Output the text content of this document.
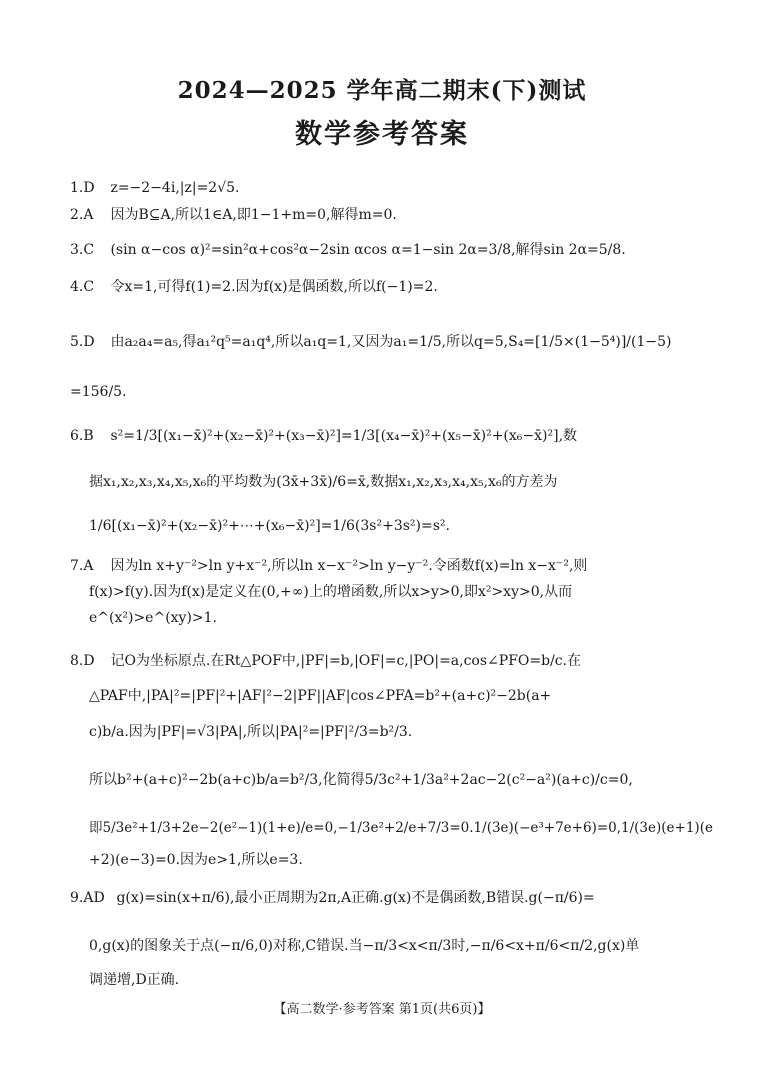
2024—2025 学年高二期末(下)测试
数学参考答案
1.D z=−2−4i,|z|=2√5.
2.A 因为B⊆A,所以1∈A,即1−1+m=0,解得m=0.
3.C (sin α−cos α)²=sin²α+cos²α−2sin αcos α=1−sin 2α=3/8,解得sin 2α=5/8.
4.C 令x=1,可得f(1)=2.因为f(x)是偶函数,所以f(−1)=2.
5.D 由a₂a₄=a₅,得a₁²q⁵=a₁q⁴,所以a₁q=1,又因为a₁=1/5,所以q=5,S₄=[1/5×(1−5⁴)]/(1−5)
=156/5.
6.B s²=1/3[(x₁−x̄)²+(x₂−x̄)²+(x₃−x̄)²]=1/3[(x₄−x̄)²+(x₅−x̄)²+(x₆−x̄)²],数
据x₁,x₂,x₃,x₄,x₅,x₆的平均数为(3x̄+3x̄)/6=x̄,数据x₁,x₂,x₃,x₄,x₅,x₆的方差为
1/6[(x₁−x̄)²+(x₂−x̄)²+⋯+(x₆−x̄)²]=1/6(3s²+3s²)=s².
7.A 因为ln x+y⁻²>ln y+x⁻²,所以ln x−x⁻²>ln y−y⁻².令函数f(x)=ln x−x⁻²,则
f(x)>f(y).因为f(x)是定义在(0,+∞)上的增函数,所以x>y>0,即x²>xy>0,从而
e^(x²)>e^(xy)>1.
8.D 记O为坐标原点.在Rt△POF中,|PF|=b,|OF|=c,|PO|=a,cos∠PFO=b/c.在
△PAF中,|PA|²=|PF|²+|AF|²−2|PF||AF|cos∠PFA=b²+(a+c)²−2b(a+
c)b/a.因为|PF|=√3|PA|,所以|PA|²=|PF|²/3=b²/3.
所以b²+(a+c)²−2b(a+c)b/a=b²/3,化简得5/3c²+1/3a²+2ac−2(c²−a²)(a+c)/c=0,
即5/3e²+1/3+2e−2(e²−1)(1+e)/e=0,−1/3e²+2/e+7/3=0.1/(3e)(−e³+7e+6)=0,1/(3e)(e+1)(e
+2)(e−3)=0.因为e>1,所以e=3.
9.AD g(x)=sin(x+π/6),最小正周期为2π,A正确.g(x)不是偶函数,B错误.g(−π/6)=
0,g(x)的图象关于点(−π/6,0)对称,C错误.当−π/3<x<π/3时,−π/6<x+π/6<π/2,g(x)单
调递增,D正确.
【高二数学·参考答案 第1页(共6页)】
